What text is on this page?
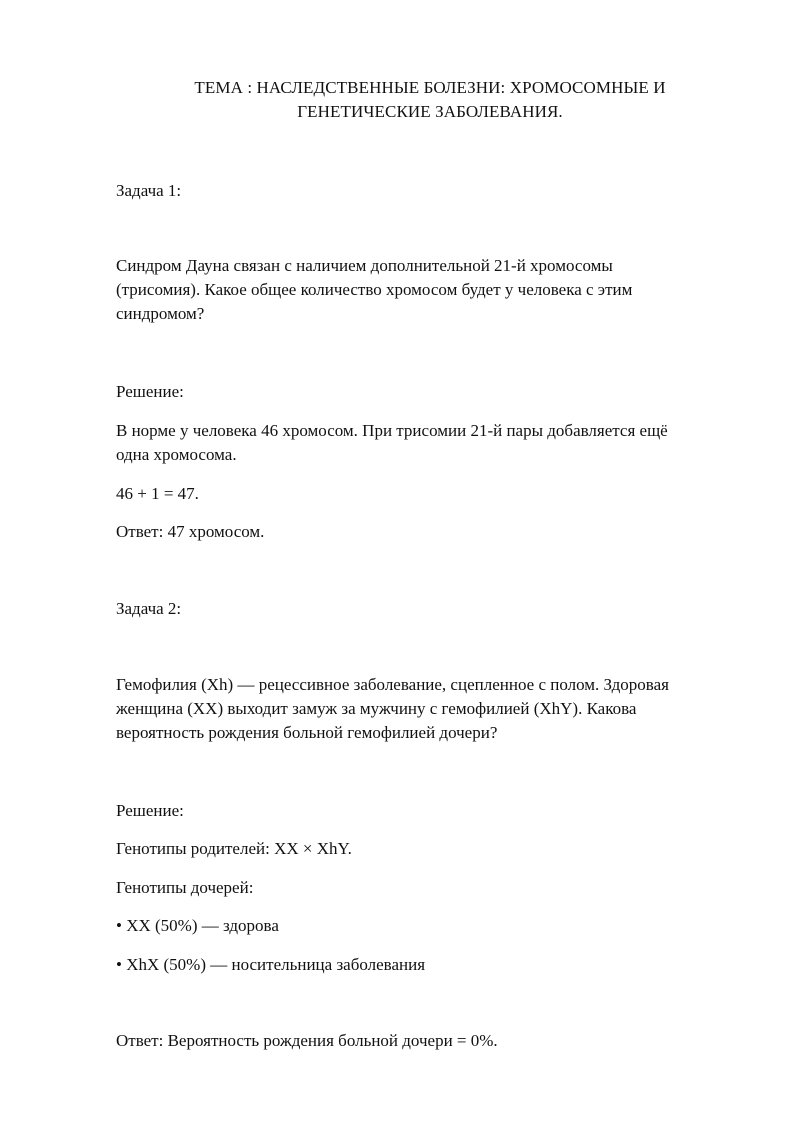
ТЕМА : НАСЛЕДСТВЕННЫЕ БОЛЕЗНИ: ХРОМОСОМНЫЕ И
ГЕНЕТИЧЕСКИЕ ЗАБОЛЕВАНИЯ.
Задача 1:
Синдром Дауна связан с наличием дополнительной 21-й хромосомы
(трисомия). Какое общее количество хромосом будет у человека с этим
синдромом?
Решение:
В норме у человека 46 хромосом. При трисомии 21-й пары добавляется ещё
одна хромосома.
46 + 1 = 47.
Ответ: 47 хромосом.
Задача 2:
Гемофилия (Xh) — рецессивное заболевание, сцепленное с полом. Здоровая
женщина (XX) выходит замуж за мужчину с гемофилией (XhY). Какова
вероятность рождения больной гемофилией дочери?
Решение:
Генотипы родителей: XX × XhY.
Генотипы дочерей:
• XX (50%) — здорова
• XhX (50%) — носительница заболевания
Ответ: Вероятность рождения больной дочери = 0%.
